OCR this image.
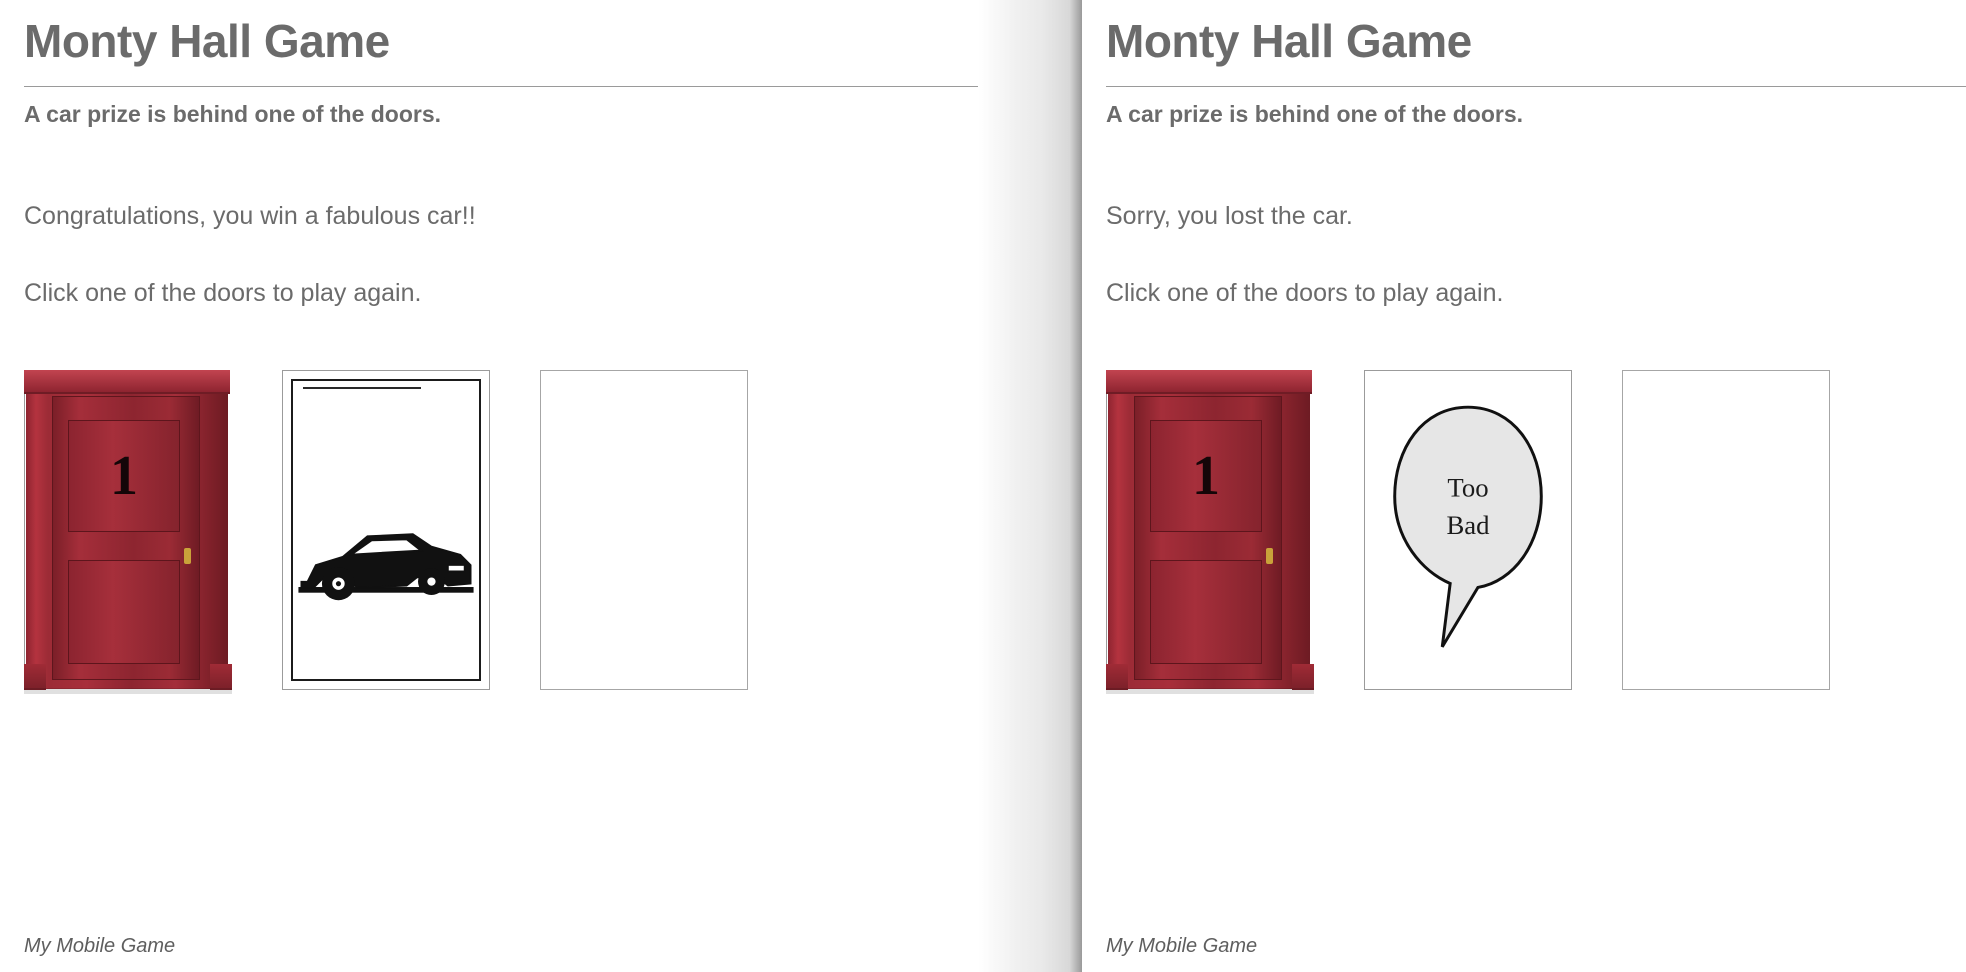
Monty Hall Game
A car prize is behind one of the doors.
Congratulations, you win a fabulous car!!
Click one of the doors to play again.
1
My Mobile Game
Monty Hall Game
A car prize is behind one of the doors.
Sorry, you lost the car.
Click one of the doors to play again.
1	Too
Bad
My Mobile Game
